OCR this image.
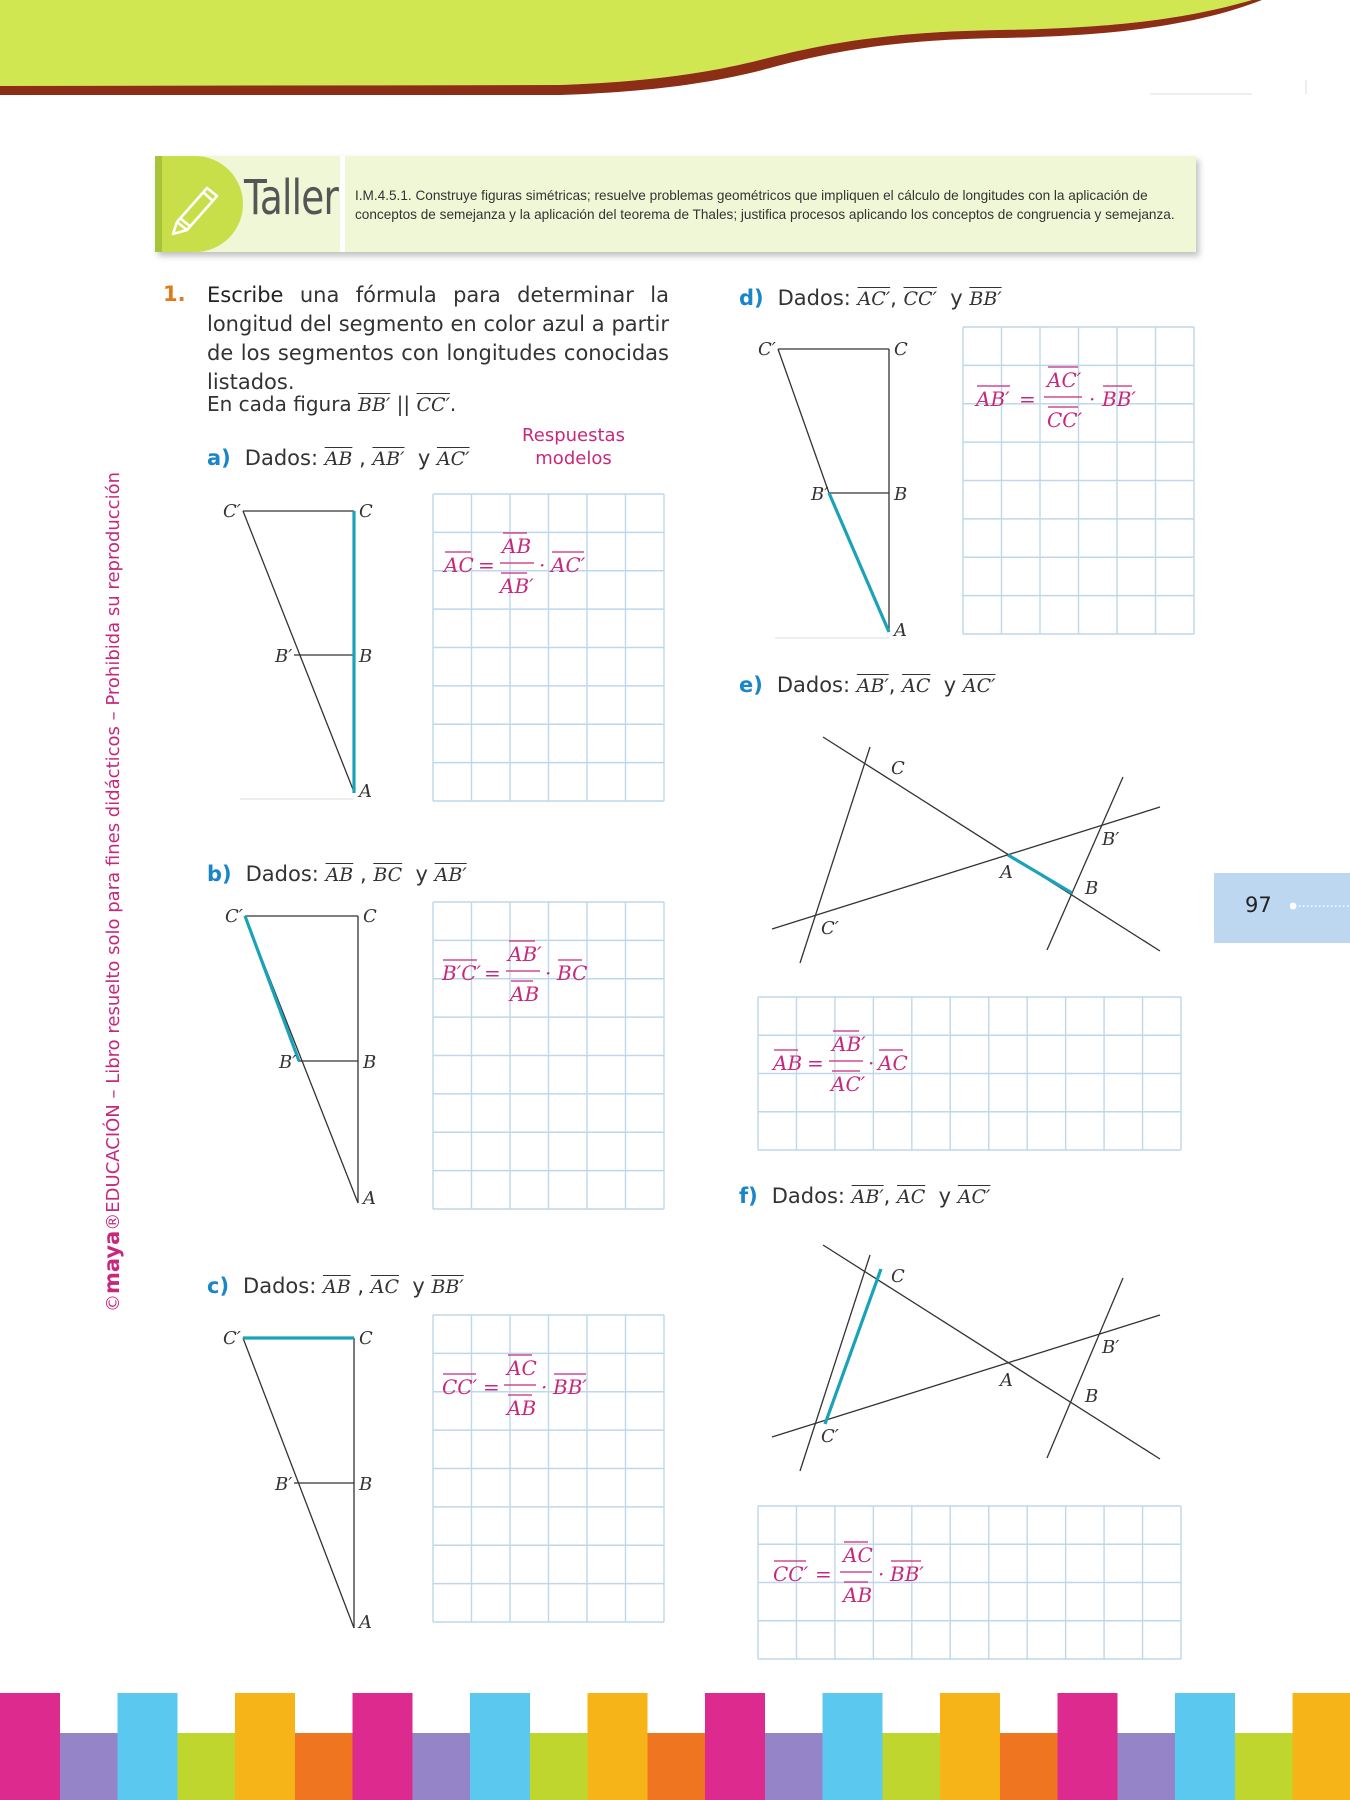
©maya®EDUCACIÓN – Libro resuelto solo para fines didácticos – Prohibida su reproducción	97
Taller I.M.4.5.1. Construye figuras simétricas; resuelve problemas geométricos que impliquen el cálculo de longitudes con la aplicación de conceptos de semejanza y la aplicación del teorema de Thales; justifica procesos aplicando los conceptos de congruencia y semejanza.
1. Escribe una fórmula para determinar la longitud del segmento en color azul a partir de los segmentos con longitudes conocidas listados.
En cada figura BB′ || CC′.
Respuestas modelos
a) Dados: $\overline{AB}$ , AB′ y AC′
b) Dados: $\overline{AB}$ , $\overline{BC}$ y AB′
c) Dados: $\overline{AB}$ , $\overline{AC}$ y BB′
d) Dados: AC′, CC′ y BB′
e) Dados: AB′, $\overline{AC}$ y AC′
f) Dados: AB′, $\overline{AC}$ y AC′
C′	C
B′	B
A
C′	C
B′	B
A
C′	C
B′	B
A
C′	C
B′	B
A
C
B′
A
B
C′
C
B′
A
B
C′
AC =
AB
AB′
· AC′
B′C′ =
AB′
AB
· BC
CC′ =
AC
AB
· BB′
AB′ =
AC′
CC′
· BB′
AB =
AB′
AC′
· AC
CC′ =
AC
AB
· BB′
